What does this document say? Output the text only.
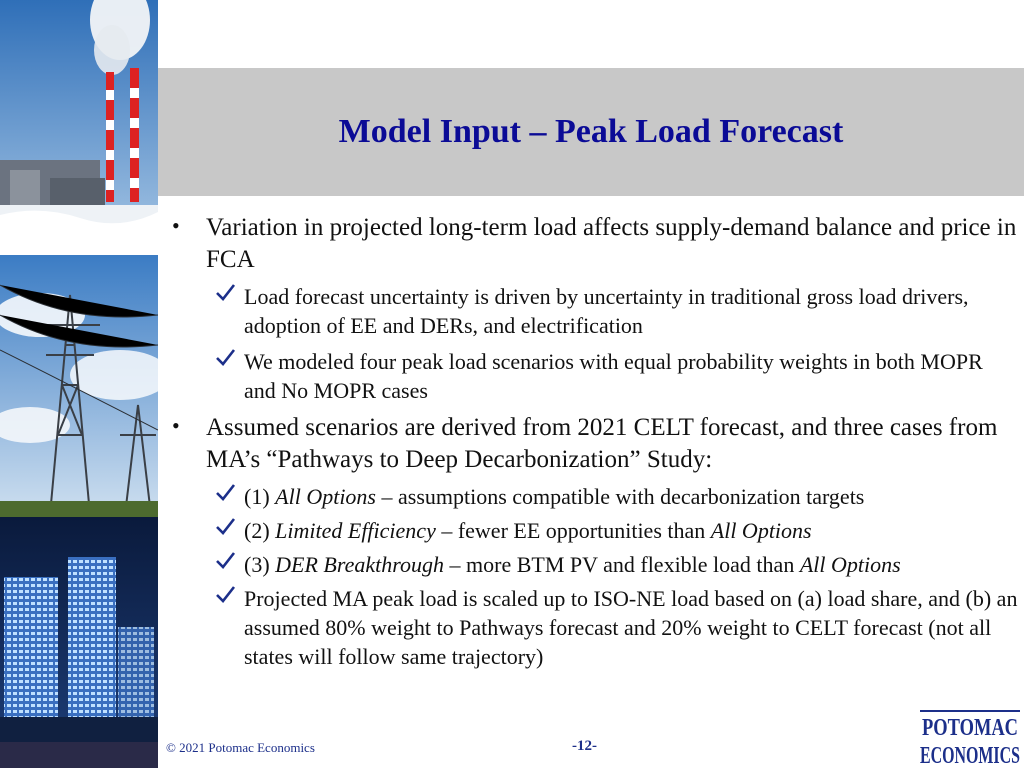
Model Input – Peak Load Forecast
• Variation in projected long-term load affects supply-demand balance and price in FCA
Load forecast uncertainty is driven by uncertainty in traditional gross load drivers, adoption of EE and DERs, and electrification
We modeled four peak load scenarios with equal probability weights in both MOPR and No MOPR cases
• Assumed scenarios are derived from 2021 CELT forecast, and three cases from MA’s “Pathways to Deep Decarbonization” Study:
(1) All Options – assumptions compatible with decarbonization targets
(2) Limited Efficiency – fewer EE opportunities than All Options
(3) DER Breakthrough – more BTM PV and flexible load than All Options
Projected MA peak load is scaled up to ISO-NE load based on (a) load share, and (b) an assumed 80% weight to Pathways forecast and 20% weight to CELT forecast (not all states will follow same trajectory)
© 2021 Potomac Economics	-12-
POTOMAC
ECONOMICS
